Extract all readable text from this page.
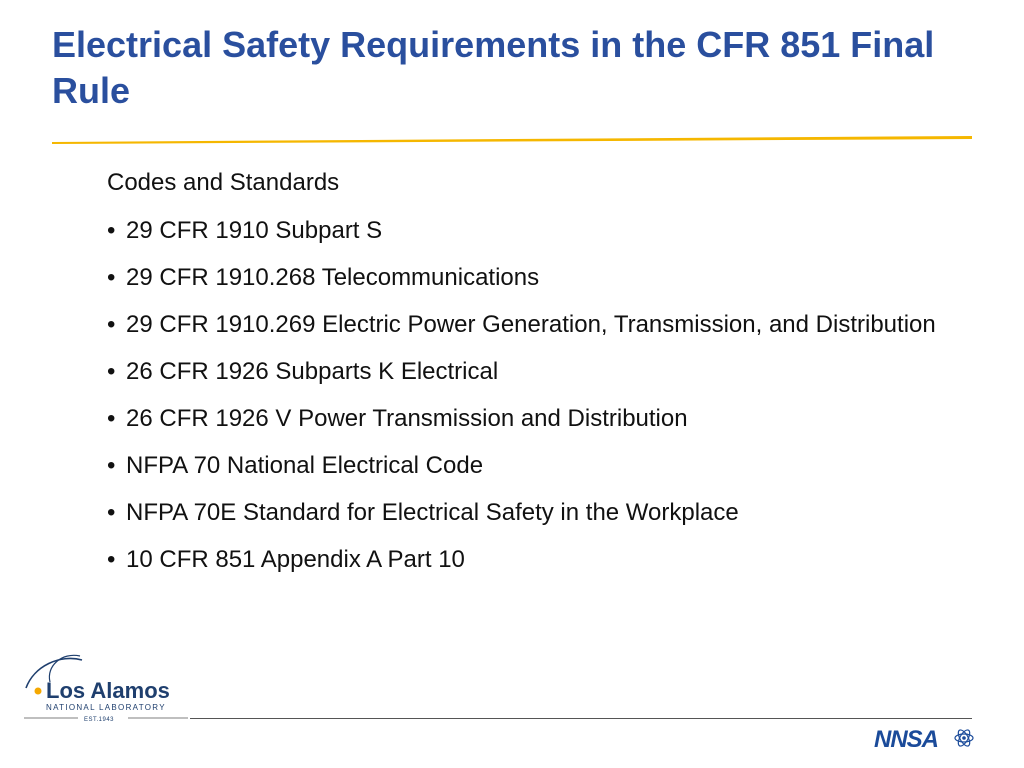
Electrical Safety Requirements in the CFR 851 Final Rule

Codes and Standards

• 29 CFR 1910 Subpart S
• 29 CFR 1910.268 Telecommunications
• 29 CFR 1910.269 Electric Power Generation, Transmission, and Distribution
• 26 CFR 1926 Subparts K Electrical
• 26 CFR 1926 V Power Transmission and Distribution
• NFPA 70 National Electrical Code
• NFPA 70E Standard for Electrical Safety in the Workplace
• 10 CFR 851 Appendix A Part 10
Los Alamos
NATIONAL LABORATORY
EST.1943
NNSA
